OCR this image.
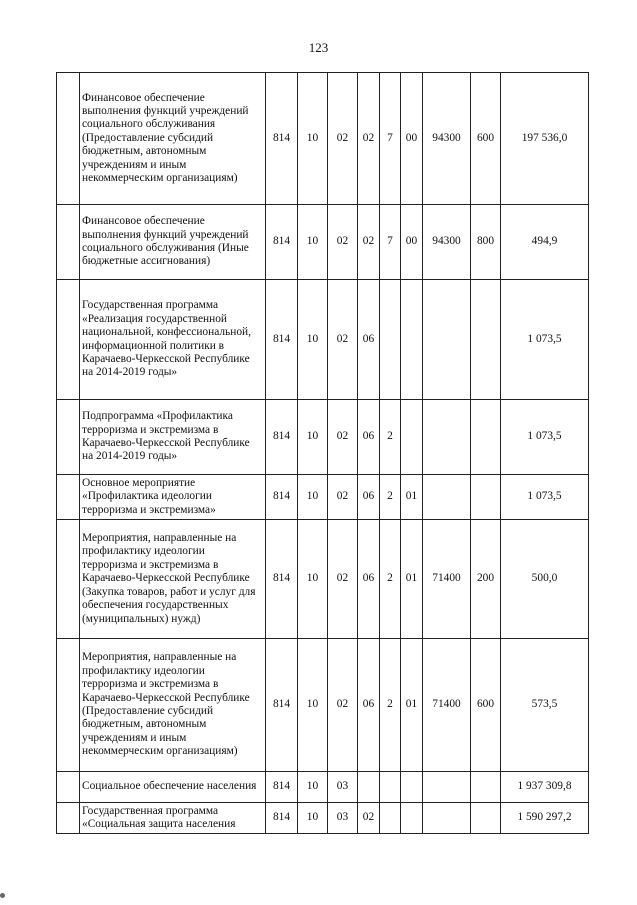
123
	Финансовое обеспечение выполнения функций учреждений социального обслуживания (Предоставление субсидий бюджетным, автономным учреждениям и иным некоммерческим организациям)	814	10	02	02	7	00	94300	600	197 536,0
	Финансовое обеспечение выполнения функций учреждений социального обслуживания (Иные бюджетные ассигнования)	814	10	02	02	7	00	94300	800	494,9
	Государственная программа «Реализация государственной национальной, конфессиональной, информационной политики в Карачаево-Черкесской Республике на 2014-2019 годы»	814	10	02	06					1 073,5
	Подпрограмма «Профилактика терроризма и экстремизма в Карачаево-Черкесской Республике на 2014-2019 годы»	814	10	02	06	2				1 073,5
	Основное мероприятие «Профилактика идеологии терроризма и экстремизма»	814	10	02	06	2	01			1 073,5
	Мероприятия, направленные на профилактику идеологии терроризма и экстремизма в Карачаево-Черкесской Республике (Закупка товаров, работ и услуг для обеспечения государственных (муниципальных) нужд)	814	10	02	06	2	01	71400	200	500,0
	Мероприятия, направленные на профилактику идеологии терроризма и экстремизма в Карачаево-Черкесской Республике (Предоставление субсидий бюджетным, автономным учреждениям и иным некоммерческим организациям)	814	10	02	06	2	01	71400	600	573,5
	Социальное обеспечение населения	814	10	03						1 937 309,8
	Государственная программа «Социальная защита населения	814	10	03	02					1 590 297,2
